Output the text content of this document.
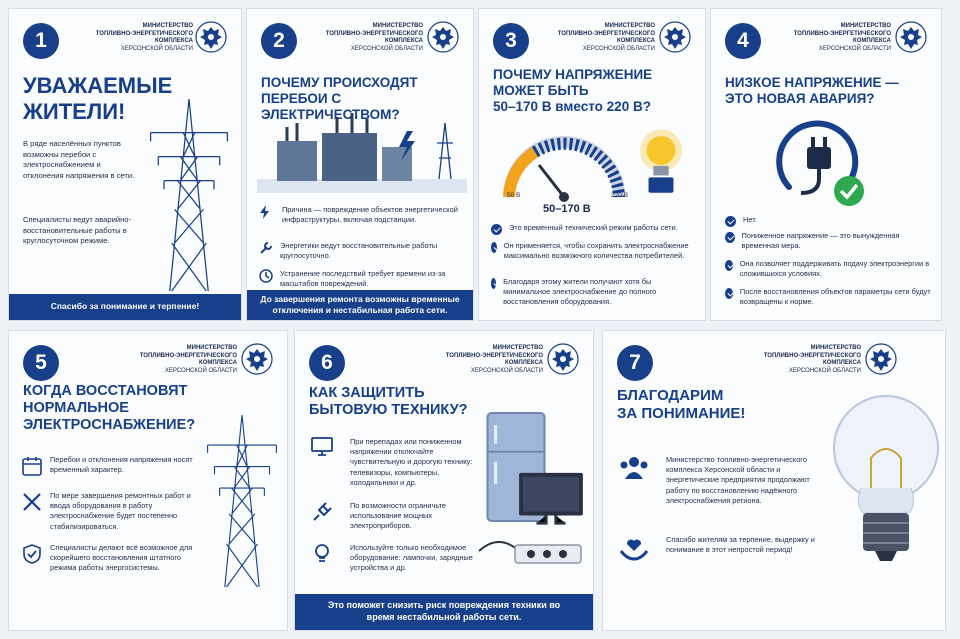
1
МИНИСТЕРСТВО
ТОПЛИВНО-ЭНЕРГЕТИЧЕСКОГО
КОМПЛЕКСА
ХЕРСОНСКОЙ ОБЛАСТИ
УВАЖАЕМЫЕ
ЖИТЕЛИ!
В ряде населённых пунктов возможны перебои с электроснабжением и отклонения напряжения в сети.
Специалисты ведут аварийно-восстановительные работы в круглосуточном режиме.
Спасибо за понимание и терпение!
2
МИНИСТЕРСТВО
ТОПЛИВНО-ЭНЕРГЕТИЧЕСКОГО
КОМПЛЕКСА
ХЕРСОНСКОЙ ОБЛАСТИ
ПОЧЕМУ ПРОИСХОДЯТ
ПЕРЕБОИ С ЭЛЕКТРИЧЕСТВОМ?
Причина — повреждение объектов энергетической инфраструктуры, включая подстанции.
Энергетики ведут восстановительные работы круглосуточно.
Устранение последствий требует времени из-за масштабов повреждений.
До завершения ремонта возможны временные отключения и нестабильная работа сети.
3
МИНИСТЕРСТВО
ТОПЛИВНО-ЭНЕРГЕТИЧЕСКОГО
КОМПЛЕКСА
ХЕРСОНСКОЙ ОБЛАСТИ
ПОЧЕМУ НАПРЯЖЕНИЕ
МОЖЕТ БЫТЬ
50–170 В вместо 220 В?
50 В	220 В
50–170 В
Это временный технический режим работы сети.
Он применяется, чтобы сохранить электроснабжение максимально возможного количества потребителей.
Благодаря этому жители получают хотя бы минимальное электроснабжение до полного восстановления оборудования.
4
МИНИСТЕРСТВО
ТОПЛИВНО-ЭНЕРГЕТИЧЕСКОГО
КОМПЛЕКСА
ХЕРСОНСКОЙ ОБЛАСТИ
НИЗКОЕ НАПРЯЖЕНИЕ —
ЭТО НОВАЯ АВАРИЯ?
Нет.
Пониженное напряжение — это вынужденная временная мера.
Она позволяет поддерживать подачу электроэнергии в сложившихся условиях.
После восстановления объектов параметры сети будут возвращены к норме.
5
МИНИСТЕРСТВО
ТОПЛИВНО-ЭНЕРГЕТИЧЕСКОГО
КОМПЛЕКСА
ХЕРСОНСКОЙ ОБЛАСТИ
КОГДА ВОССТАНОВЯТ
НОРМАЛЬНОЕ
ЭЛЕКТРОСНАБЖЕНИЕ?
Перебои и отклонения напряжения носят временный характер.
По мере завершения ремонтных работ и ввода оборудования в работу электроснабжение будет постепенно стабилизироваться.
Специалисты делают всё возможное для скорейшего восстановления штатного режима работы энергосистемы.
6
МИНИСТЕРСТВО
ТОПЛИВНО-ЭНЕРГЕТИЧЕСКОГО
КОМПЛЕКСА
ХЕРСОНСКОЙ ОБЛАСТИ
КАК ЗАЩИТИТЬ
БЫТОВУЮ ТЕХНИКУ?
При перепадах или пониженном напряжении отключайте чувствительную и дорогую технику: телевизоры, компьютеры, холодильники и др.
По возможности ограничьте использование мощных электроприборов.
Используйте только необходимое оборудование: лампочки, зарядные устройства и др.
Это поможет снизить риск повреждения техники во время нестабильной работы сети.
7
МИНИСТЕРСТВО
ТОПЛИВНО-ЭНЕРГЕТИЧЕСКОГО
КОМПЛЕКСА
ХЕРСОНСКОЙ ОБЛАСТИ
БЛАГОДАРИМ
ЗА ПОНИМАНИЕ!
Министерство топливно-энергетического комплекса Херсонской области и энергетические предприятия продолжают работу по восстановлению надёжного электроснабжения региона.
Спасибо жителям за терпение, выдержку и понимание в этот непростой период!
